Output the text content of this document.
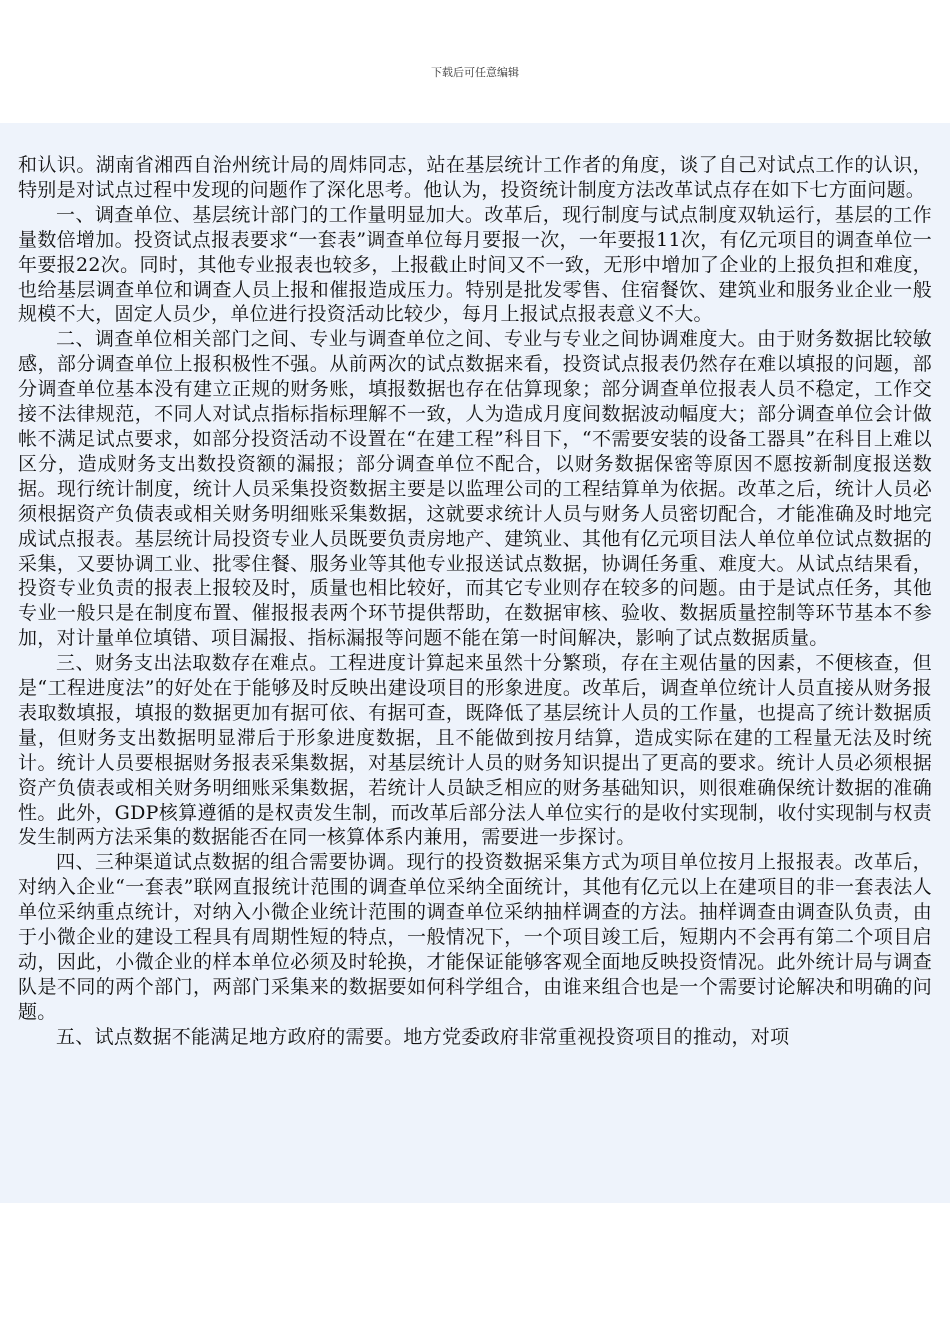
下载后可任意编辑

和认识。湖南省湘西自治州统计局的周炜同志，站在基层统计工作者的角度，谈了自己对试点工作的认识，特别是对试点过程中发现的问题作了深化思考。他认为，投资统计制度方法改革试点存在如下七方面问题。

一、调查单位、基层统计部门的工作量明显加大。改革后，现行制度与试点制度双轨运行，基层的工作量数倍增加。投资试点报表要求“一套表”调查单位每月要报一次，一年要报11次，有亿元项目的调查单位一年要报22次。同时，其他专业报表也较多，上报截止时间又不一致，无形中增加了企业的上报负担和难度，也给基层调查单位和调查人员上报和催报造成压力。特别是批发零售、住宿餐饮、建筑业和服务业企业一般规模不大，固定人员少，单位进行投资活动比较少，每月上报试点报表意义不大。

二、调查单位相关部门之间、专业与调查单位之间、专业与专业之间协调难度大。由于财务数据比较敏感，部分调查单位上报积极性不强。从前两次的试点数据来看，投资试点报表仍然存在难以填报的问题，部分调查单位基本没有建立正规的财务账，填报数据也存在估算现象；部分调查单位报表人员不稳定，工作交接不法律规范，不同人对试点指标指标理解不一致，人为造成月度间数据波动幅度大；部分调查单位会计做帐不满足试点要求，如部分投资活动不设置在“在建工程”科目下，“不需要安装的设备工器具”在科目上难以区分，造成财务支出数投资额的漏报；部分调查单位不配合，以财务数据保密等原因不愿按新制度报送数据。现行统计制度，统计人员采集投资数据主要是以监理公司的工程结算单为依据。改革之后，统计人员必须根据资产负债表或相关财务明细账采集数据，这就要求统计人员与财务人员密切配合，才能准确及时地完成试点报表。基层统计局投资专业人员既要负责房地产、建筑业、其他有亿元项目法人单位单位试点数据的采集，又要协调工业、批零住餐、服务业等其他专业报送试点数据，协调任务重、难度大。从试点结果看，投资专业负责的报表上报较及时，质量也相比较好，而其它专业则存在较多的问题。由于是试点任务，其他专业一般只是在制度布置、催报报表两个环节提供帮助，在数据审核、验收、数据质量控制等环节基本不参加，对计量单位填错、项目漏报、指标漏报等问题不能在第一时间解决，影响了试点数据质量。

三、财务支出法取数存在难点。工程进度计算起来虽然十分繁琐，存在主观估量的因素，不便核查，但是“工程进度法”的好处在于能够及时反映出建设项目的形象进度。改革后，调查单位统计人员直接从财务报表取数填报，填报的数据更加有据可依、有据可查，既降低了基层统计人员的工作量，也提高了统计数据质量，但财务支出数据明显滞后于形象进度数据，且不能做到按月结算，造成实际在建的工程量无法及时统计。统计人员要根据财务报表采集数据，对基层统计人员的财务知识提出了更高的要求。统计人员必须根据资产负债表或相关财务明细账采集数据，若统计人员缺乏相应的财务基础知识，则很难确保统计数据的准确性。此外，GDP核算遵循的是权责发生制，而改革后部分法人单位实行的是收付实现制，收付实现制与权责发生制两方法采集的数据能否在同一核算体系内兼用，需要进一步探讨。

四、三种渠道试点数据的组合需要协调。现行的投资数据采集方式为项目单位按月上报报表。改革后，对纳入企业“一套表”联网直报统计范围的调查单位采纳全面统计，其他有亿元以上在建项目的非一套表法人单位采纳重点统计，对纳入小微企业统计范围的调查单位采纳抽样调查的方法。抽样调查由调查队负责，由于小微企业的建设工程具有周期性短的特点，一般情况下，一个项目竣工后，短期内不会再有第二个项目启动，因此，小微企业的样本单位必须及时轮换，才能保证能够客观全面地反映投资情况。此外统计局与调查队是不同的两个部门，两部门采集来的数据要如何科学组合，由谁来组合也是一个需要讨论解决和明确的问题。

五、试点数据不能满足地方政府的需要。地方党委政府非常重视投资项目的推动，对项
